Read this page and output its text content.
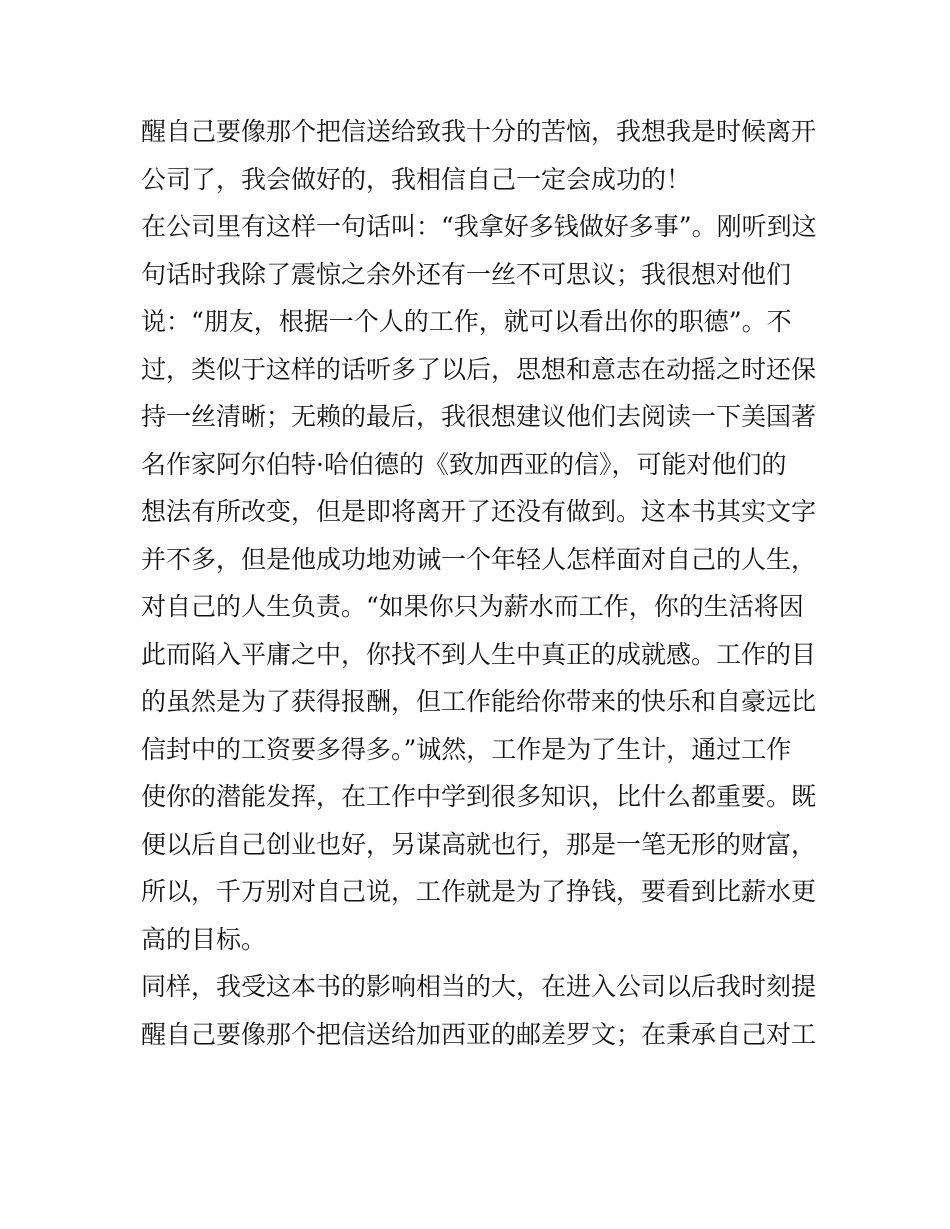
醒自己要像那个把信送给致我十分的苦恼，我想我是时候离开
公司了，我会做好的，我相信自己一定会成功的！
在公司里有这样一句话叫：“我拿好多钱做好多事”。刚听到这
句话时我除了震惊之余外还有一丝不可思议；我很想对他们
说：“朋友，根据一个人的工作，就可以看出你的职德”。不
过，类似于这样的话听多了以后，思想和意志在动摇之时还保
持一丝清晰；无赖的最后，我很想建议他们去阅读一下美国著
名作家阿尔伯特·哈伯德的《致加西亚的信》，可能对他们的
想法有所改变，但是即将离开了还没有做到。这本书其实文字
并不多，但是他成功地劝诫一个年轻人怎样面对自己的人生，
对自己的人生负责。“如果你只为薪水而工作，你的生活将因
此而陷入平庸之中，你找不到人生中真正的成就感。工作的目
的虽然是为了获得报酬，但工作能给你带来的快乐和自豪远比
信封中的工资要多得多。”诚然，工作是为了生计，通过工作
使你的潜能发挥，在工作中学到很多知识，比什么都重要。既
便以后自己创业也好，另谋高就也行，那是一笔无形的财富，
所以，千万别对自己说，工作就是为了挣钱，要看到比薪水更
高的目标。
同样，我受这本书的影响相当的大，在进入公司以后我时刻提
醒自己要像那个把信送给加西亚的邮差罗文；在秉承自己对工
